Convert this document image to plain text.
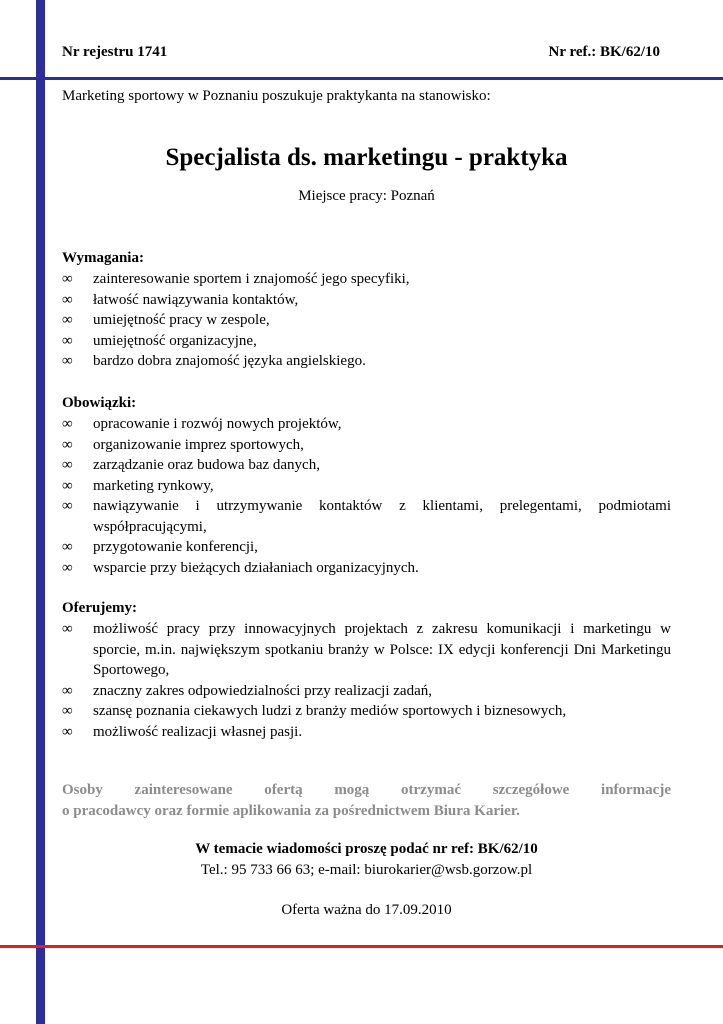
Nr rejestru 1741	Nr ref.: BK/62/10
Marketing sportowy w Poznaniu poszukuje praktykanta na stanowisko:
Specjalista ds. marketingu - praktyka
Miejsce pracy: Poznań
Wymagania:
∞ zainteresowanie sportem i znajomość jego specyfiki,
∞ łatwość nawiązywania kontaktów,
∞ umiejętność pracy w zespole,
∞ umiejętność organizacyjne,
∞ bardzo dobra znajomość języka angielskiego.
Obowiązki:
∞ opracowanie i rozwój nowych projektów,
∞ organizowanie imprez sportowych,
∞ zarządzanie oraz budowa baz danych,
∞ marketing rynkowy,
∞ nawiązywanie i utrzymywanie kontaktów z klientami, prelegentami, podmiotami współpracującymi,
∞ przygotowanie konferencji,
∞ wsparcie przy bieżących działaniach organizacyjnych.
Oferujemy:
∞ możliwość pracy przy innowacyjnych projektach z zakresu komunikacji i marketingu w sporcie, m.in. największym spotkaniu branży w Polsce: IX edycji konferencji Dni Marketingu Sportowego,
∞ znaczny zakres odpowiedzialności przy realizacji zadań,
∞ szansę poznania ciekawych ludzi z branży mediów sportowych i biznesowych,
∞ możliwość realizacji własnej pasji.
Osoby zainteresowane ofertą mogą otrzymać szczegółowe informacje
o pracodawcy oraz formie aplikowania za pośrednictwem Biura Karier.
W temacie wiadomości proszę podać nr ref: BK/62/10
Tel.: 95 733 66 63; e-mail: biurokarier@wsb.gorzow.pl
Oferta ważna do 17.09.2010
